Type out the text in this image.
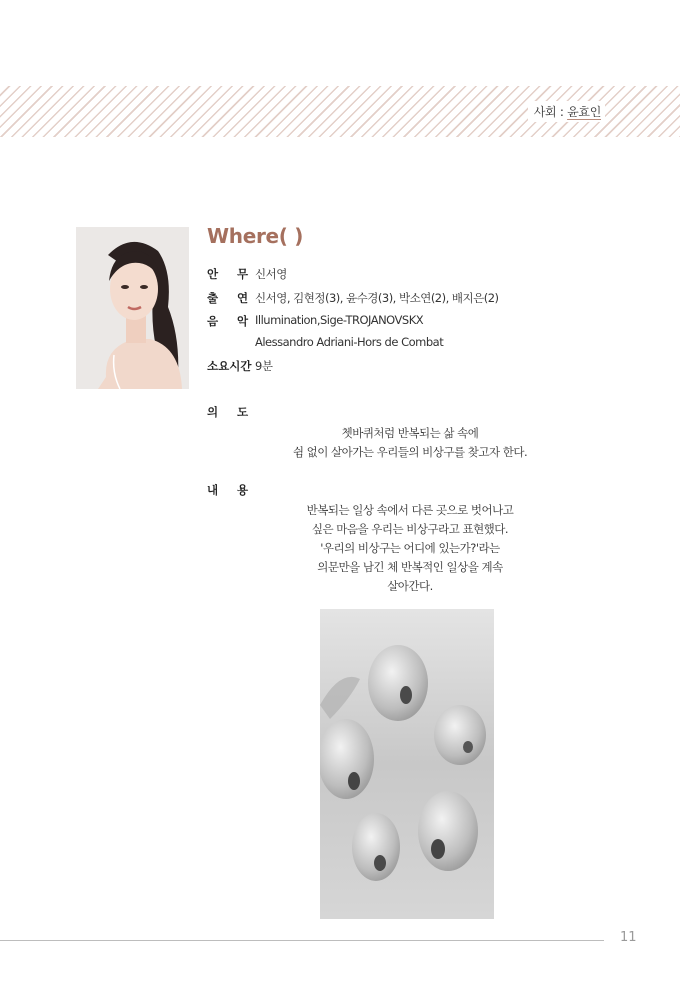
사회 : 윤효인
Where( )
안 무 신서영
출 연 신서영, 김현정(3), 윤수경(3), 박소연(2), 배지은(2)
음 악 Illumination,Sige-TROJANOVSKX
Alessandro Adriani-Hors de Combat
소요시간 9분
의 도
쳇바퀴처럼 반복되는 삶 속에
쉼 없이 살아가는 우리들의 비상구를 찾고자 한다.
내 용
반복되는 일상 속에서 다른 곳으로 벗어나고
싶은 마음을 우리는 비상구라고 표현했다.
'우리의 비상구는 어디에 있는가?'라는
의문만을 남긴 체 반복적인 일상을 계속
살아간다.
11
